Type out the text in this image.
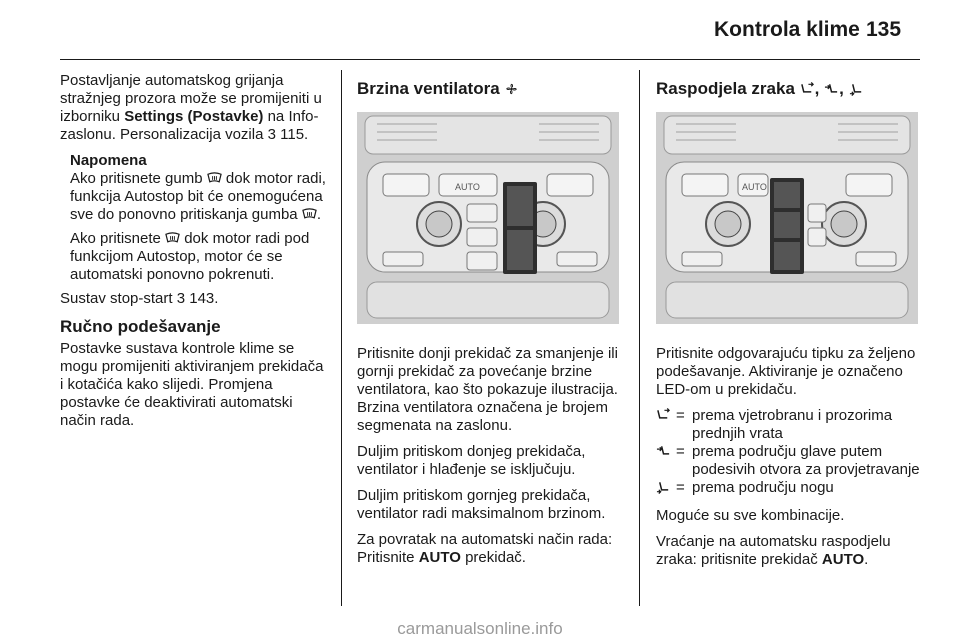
Kontrola klime 135

Postavljanje automatskog grijanja stražnjeg prozora može se promijeniti u izborniku Settings (Postavke) na Info-zaslonu. Personalizacija vozila 3 115.

Napomena

Ako pritisnete gumb  dok motor radi, funkcija Autostop bit će onemogućena sve do ponovno pritiskanja gumba .

Ako pritisnete  dok motor radi pod funkcijom Autostop, motor će se automatski ponovno pokrenuti.

Sustav stop-start 3 143.

Ručno podešavanje

Postavke sustava kontrole klime se mogu promijeniti aktiviranjem prekidača i kotačića kako slijedi. Promjena postavke će deaktivirati automatski način rada.

Brzina ventilatora
AUTO

Pritisnite donji prekidač za smanjenje ili gornji prekidač za povećanje brzine ventilatora, kao što pokazuje ilustracija. Brzina ventilatora označena je brojem segmenata na zaslonu.

Duljim pritiskom donjeg prekidača, ventilator i hlađenje se isključuju.

Duljim pritiskom gornjeg prekidača, ventilator radi maksimalnom brzinom.

Za povratak na automatski način rada: Pritisnite AUTO prekidač.

Raspodjela zraka , ,
AUTO

Pritisnite odgovarajuću tipku za željeno podešavanje. Aktiviranje je označeno LED-om u prekidaču.

= prema vjetrobranu i prozorima prednjih vrata
= prema području glave putem podesivih otvora za provjetravanje
= prema području nogu

Moguće su sve kombinacije.

Vraćanje na automatsku raspodjelu zraka: pritisnite prekidač AUTO.

carmanualsonline.info
